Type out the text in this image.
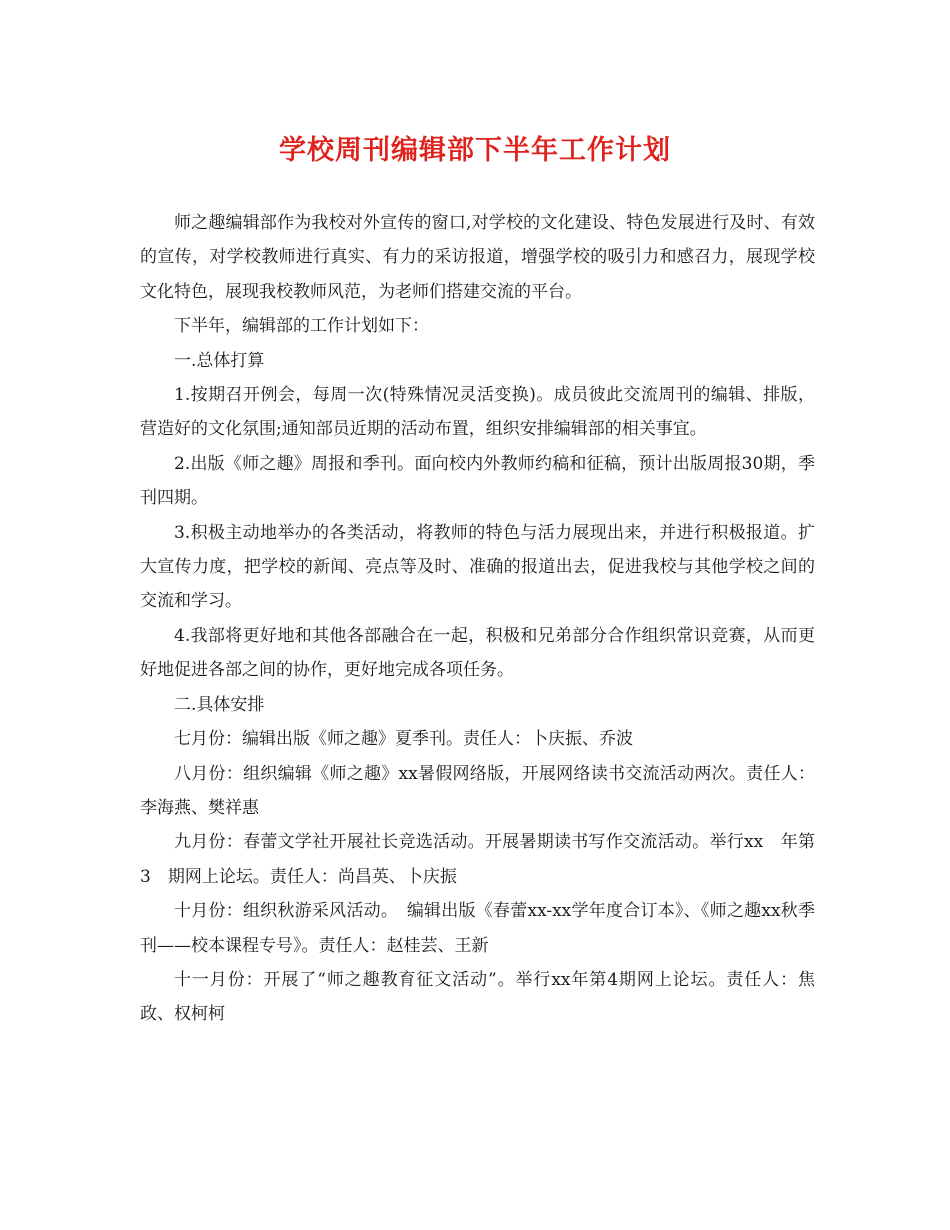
学校周刊编辑部下半年工作计划

师之趣编辑部作为我校对外宣传的窗口,对学校的文化建设、特色发展进行及时、有效的宣传，对学校教师进行真实、有力的采访报道，增强学校的吸引力和感召力，展现学校文化特色，展现我校教师风范，为老师们搭建交流的平台。

下半年，编辑部的工作计划如下：

一.总体打算

1.按期召开例会，每周一次(特殊情况灵活变换)。成员彼此交流周刊的编辑、排版，营造好的文化氛围;通知部员近期的活动布置，组织安排编辑部的相关事宜。

2.出版《师之趣》周报和季刊。面向校内外教师约稿和征稿，预计出版周报30期，季刊四期。

3.积极主动地举办的各类活动，将教师的特色与活力展现出来，并进行积极报道。扩大宣传力度，把学校的新闻、亮点等及时、准确的报道出去，促进我校与其他学校之间的交流和学习。

4.我部将更好地和其他各部融合在一起，积极和兄弟部分合作组织常识竞赛，从而更好地促进各部之间的协作，更好地完成各项任务。

二.具体安排

七月份：编辑出版《师之趣》夏季刊。责任人：卜庆振、乔波

八月份：组织编辑《师之趣》xx暑假网络版，开展网络读书交流活动两次。责任人：李海燕、樊祥惠

九月份：春蕾文学社开展社长竞选活动。开展暑期读书写作交流活动。举行xx　年第　3　期网上论坛。责任人：尚昌英、卜庆振

十月份：组织秋游采风活动。　编辑出版《春蕾xx-xx学年度合订本》、《师之趣xx秋季刊——校本课程专号》。责任人：赵桂芸、王新

十一月份：开展了“师之趣教育征文活动”。举行xx年第4期网上论坛。责任人：焦政、权柯柯
